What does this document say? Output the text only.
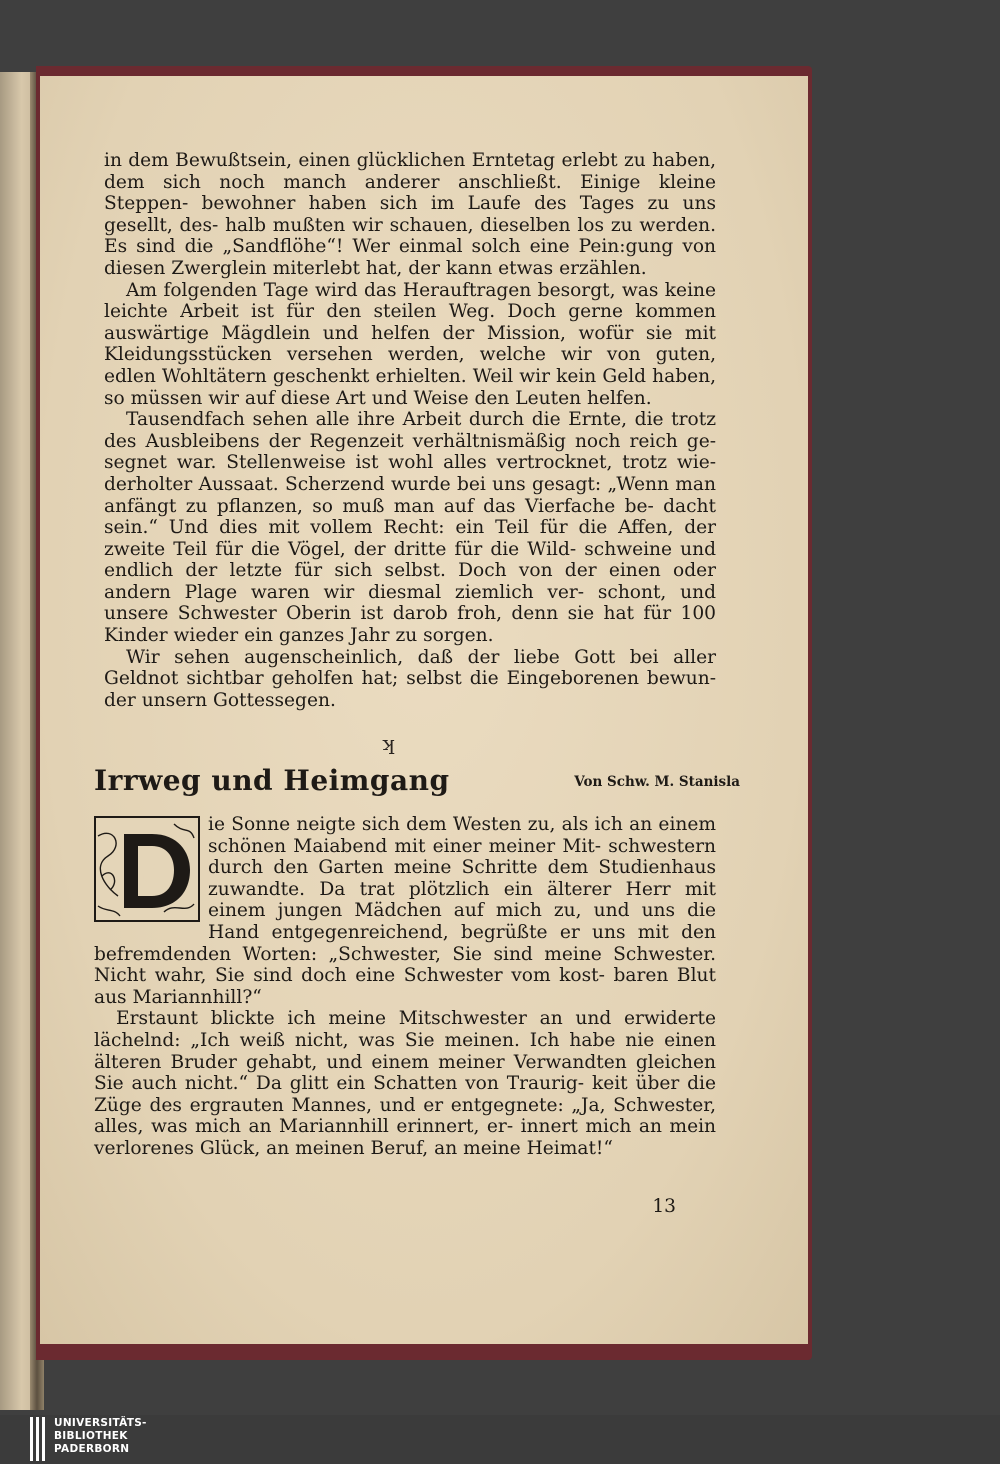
in dem Bewußtsein, einen glücklichen Erntetag erlebt zu haben, dem sich noch manch anderer anschließt. Einige kleine Steppen- bewohner haben sich im Laufe des Tages zu uns gesellt, des- halb mußten wir schauen, dieselben los zu werden. Es sind die „Sandflöhe“! Wer einmal solch eine Pein:gung von diesen Zwerglein miterlebt hat, der kann etwas erzählen.

Am folgenden Tage wird das Herauftragen besorgt, was keine leichte Arbeit ist für den steilen Weg. Doch gerne kommen auswärtige Mägdlein und helfen der Mission, wofür sie mit Kleidungsstücken versehen werden, welche wir von guten, edlen Wohltätern geschenkt erhielten. Weil wir kein Geld haben, so müssen wir auf diese Art und Weise den Leuten helfen.

Tausendfach sehen alle ihre Arbeit durch die Ernte, die trotz des Ausbleibens der Regenzeit verhältnismäßig noch reich ge- segnet war. Stellenweise ist wohl alles vertrocknet, trotz wie- derholter Aussaat. Scherzend wurde bei uns gesagt: „Wenn man anfängt zu pflanzen, so muß man auf das Vierfache be- dacht sein.“ Und dies mit vollem Recht: ein Teil für die Affen, der zweite Teil für die Vögel, der dritte für die Wild- schweine und endlich der letzte für sich selbst. Doch von der einen oder andern Plage waren wir diesmal ziemlich ver- schont, und unsere Schwester Oberin ist darob froh, denn sie hat für 100 Kinder wieder ein ganzes Jahr zu sorgen.

Wir sehen augenscheinlich, daß der liebe Gott bei aller Geldnot sichtbar geholfen hat; selbst die Eingeborenen bewun- der unsern Gottessegen.

ʞ
Irrweg und Heimgang	Von Schw. M. Stanisla

ie Sonne neigte sich dem Westen zu, als ich an einem schönen Maiabend mit einer meiner Mit- schwestern durch den Garten meine Schritte dem Studienhaus zuwandte. Da trat plötzlich ein älterer Herr mit einem jungen Mädchen auf mich zu, und uns die Hand entgegenreichend, begrüßte er uns mit den befremdenden Worten: „Schwester, Sie sind meine Schwester. Nicht wahr, Sie sind doch eine Schwester vom kost- baren Blut aus Mariannhill?“

Erstaunt blickte ich meine Mitschwester an und erwiderte lächelnd: „Ich weiß nicht, was Sie meinen. Ich habe nie einen älteren Bruder gehabt, und einem meiner Verwandten gleichen Sie auch nicht.“ Da glitt ein Schatten von Traurig- keit über die Züge des ergrauten Mannes, und er entgegnete: „Ja, Schwester, alles, was mich an Mariannhill erinnert, er- innert mich an mein verlorenes Glück, an meinen Beruf, an meine Heimat!“

13
UNIVERSITÄTS-
BIBLIOTHEK
PADERBORN
